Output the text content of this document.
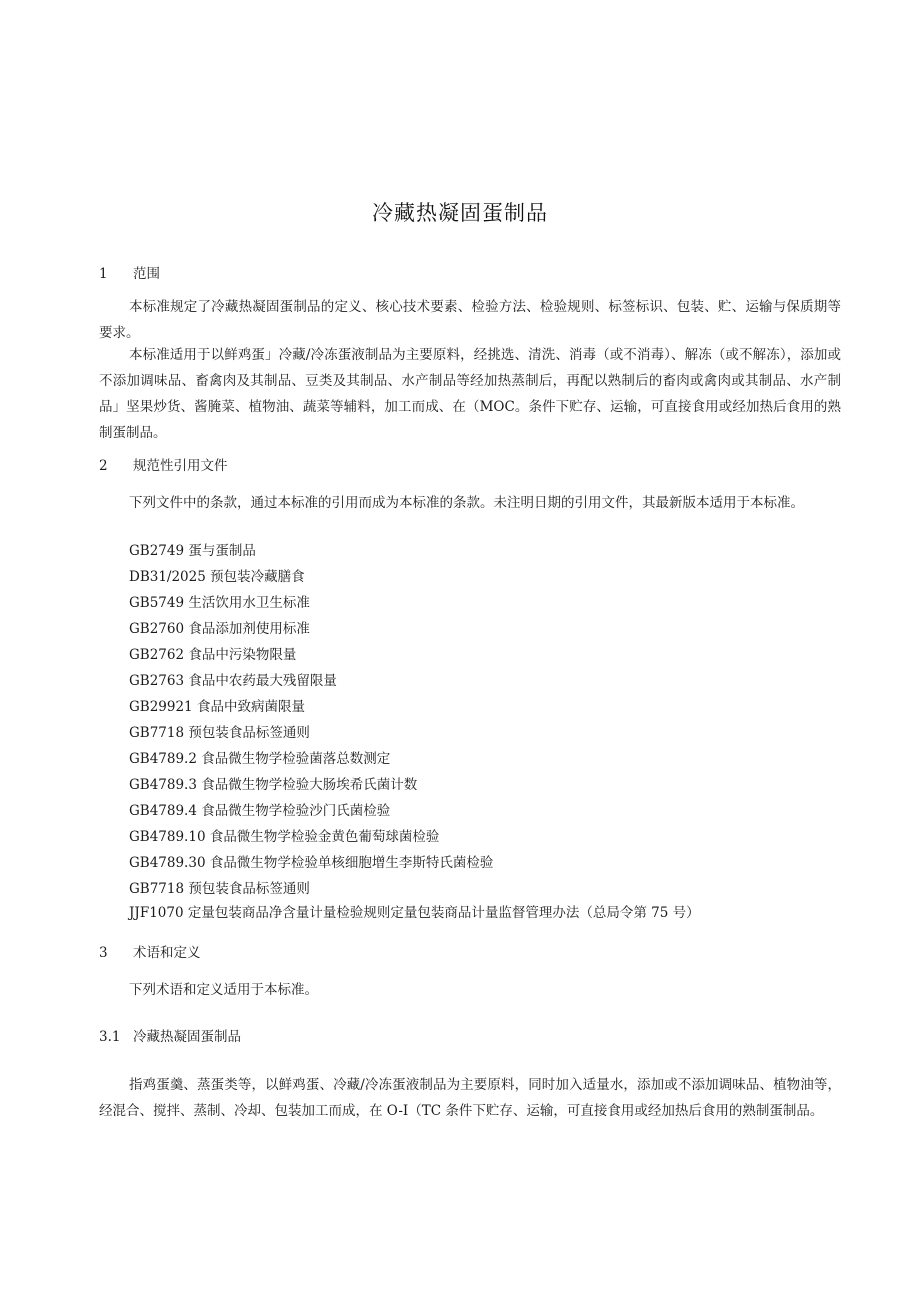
冷藏热凝固蛋制品
1 范围
本标准规定了冷藏热凝固蛋制品的定义、核心技术要素、检验方法、检验规则、标签标识、包装、贮、运输与保质期等要求。
本标准适用于以鲜鸡蛋」冷藏/冷冻蛋液制品为主要原料，经挑选、清洗、消毒（或不消毒）、解冻（或不解冻），添加或不添加调味品、畜禽肉及其制品、豆类及其制品、水产制品等经加热蒸制后，再配以熟制后的畜肉或禽肉或其制品、水产制品」坚果炒货、酱腌菜、植物油、蔬菜等辅料，加工而成、在（MOC。条件下贮存、运输，可直接食用或经加热后食用的熟制蛋制品。
2 规范性引用文件
下列文件中的条款，通过本标准的引用而成为本标准的条款。未注明日期的引用文件，其最新版本适用于本标准。
GB2749 蛋与蛋制品
DB31/2025 预包装冷藏膳食
GB5749 生活饮用水卫生标准
GB2760 食品添加剂使用标准
GB2762 食品中污染物限量
GB2763 食品中农药最大残留限量
GB29921 食品中致病菌限量
GB7718 预包装食品标签通则
GB4789.2 食品微生物学检验菌落总数测定
GB4789.3 食品微生物学检验大肠埃希氏菌计数
GB4789.4 食品微生物学检验沙门氏菌检验
GB4789.10 食品微生物学检验金黄色葡萄球菌检验
GB4789.30 食品微生物学检验单核细胞增生李斯特氏菌检验
GB7718 预包装食品标签通则
JJF1070 定量包装商品净含量计量检验规则定量包装商品计量监督管理办法（总局令第 75 号）
3 术语和定义
下列术语和定义适用于本标准。
3.1 冷藏热凝固蛋制品
指鸡蛋羹、蒸蛋类等，以鲜鸡蛋、冷藏/冷冻蛋液制品为主要原料，同时加入适量水，添加或不添加调味品、植物油等，经混合、搅拌、蒸制、冷却、包装加工而成，在 O-I（TC 条件下贮存、运输，可直接食用或经加热后食用的熟制蛋制品。
